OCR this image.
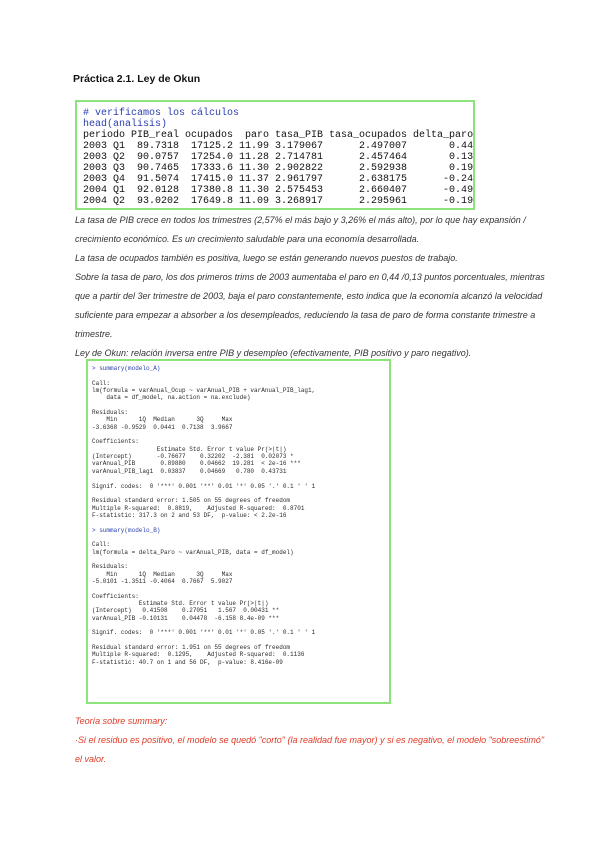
Práctica 2.1. Ley de Okun
# verificamos los cálculos
head(analisis)
periodo PIB_real ocupados  paro tasa_PIB tasa_ocupados delta_paro
2003 Q1  89.7318  17125.2 11.99 3.179067      2.497007       0.44
2003 Q2  90.0757  17254.0 11.28 2.714781      2.457464       0.13
2003 Q3  90.7465  17333.6 11.30 2.902822      2.592938       0.19
2003 Q4  91.5074  17415.0 11.37 2.961797      2.638175      -0.24
2004 Q1  92.0128  17380.8 11.30 2.575453      2.660407      -0.49
2004 Q2  93.0202  17649.8 11.09 3.268917      2.295961      -0.19

La tasa de PIB crece en todos los trimestres (2,57% el más bajo y 3,26% el más alto), por lo que hay expansión / crecimiento económico. Es un crecimiento saludable para una economía desarrollada.

La tasa de ocupados también es positiva, luego se están generando nuevos puestos de trabajo.

Sobre la tasa de paro, los dos primeros trims de 2003 aumentaba el paro en 0,44 /0,13 puntos porcentuales, mientras que a partir del 3er trimestre de 2003, baja el paro constantemente, esto indica que la economía alcanzó la velocidad suficiente para empezar a absorber a los desempleados, reduciendo la tasa de paro de forma constante trimestre a trimestre.

Ley de Okun: relación inversa entre PIB y desempleo (efectivamente, PIB positivo y paro negativo).

> summary(modelo_A)

Call:
lm(formula = varAnual_Ocup ~ varAnual_PIB + varAnual_PIB_lag1,
data = df_model, na.action = na.exclude)

Residuals:
Min      1Q  Median      3Q     Max
-3.6368 -0.9529  0.0441  0.7138  3.9667

Coefficients:
Estimate Std. Error t value Pr(>|t|)
(Intercept)       -0.76677    0.32202  -2.381  0.02073 *
varAnual_PIB       0.89880    0.04662  19.281  < 2e-16 ***
varAnual_PIB_lag1  0.03837    0.04669   0.780  0.43731

Signif. codes:  0 '***' 0.001 '**' 0.01 '*' 0.05 '.' 0.1 ' ' 1

Residual standard error: 1.505 on 55 degrees of freedom
Multiple R-squared:  0.8819,    Adjusted R-squared:  0.8701
F-statistic: 317.3 on 2 and 53 DF,  p-value: < 2.2e-16

> summary(modelo_B)

Call:
lm(formula = delta_Paro ~ varAnual_PIB, data = df_model)

Residuals:
Min      1Q  Median      3Q     Max
-5.0101 -1.3511 -0.4064  0.7667  5.9027

Coefficients:
Estimate Std. Error t value Pr(>|t|)
(Intercept)   0.41508    0.27051   1.567  0.00431 **
varAnual_PIB -0.10131    0.04478  -6.158 8.4e-09 ***

Signif. codes:  0 '***' 0.001 '**' 0.01 '*' 0.05 '.' 0.1 ' ' 1

Residual standard error: 1.951 on 55 degrees of freedom
Multiple R-squared:  0.1295,    Adjusted R-squared:  0.1136
F-statistic: 40.7 on 1 and 56 DF,  p-value: 8.416e-09

Teoría sobre summary:

·Si el residuo es positivo, el modelo se quedó "corto" (la realidad fue mayor) y si es negativo, el modelo "sobreestimó" el valor.
